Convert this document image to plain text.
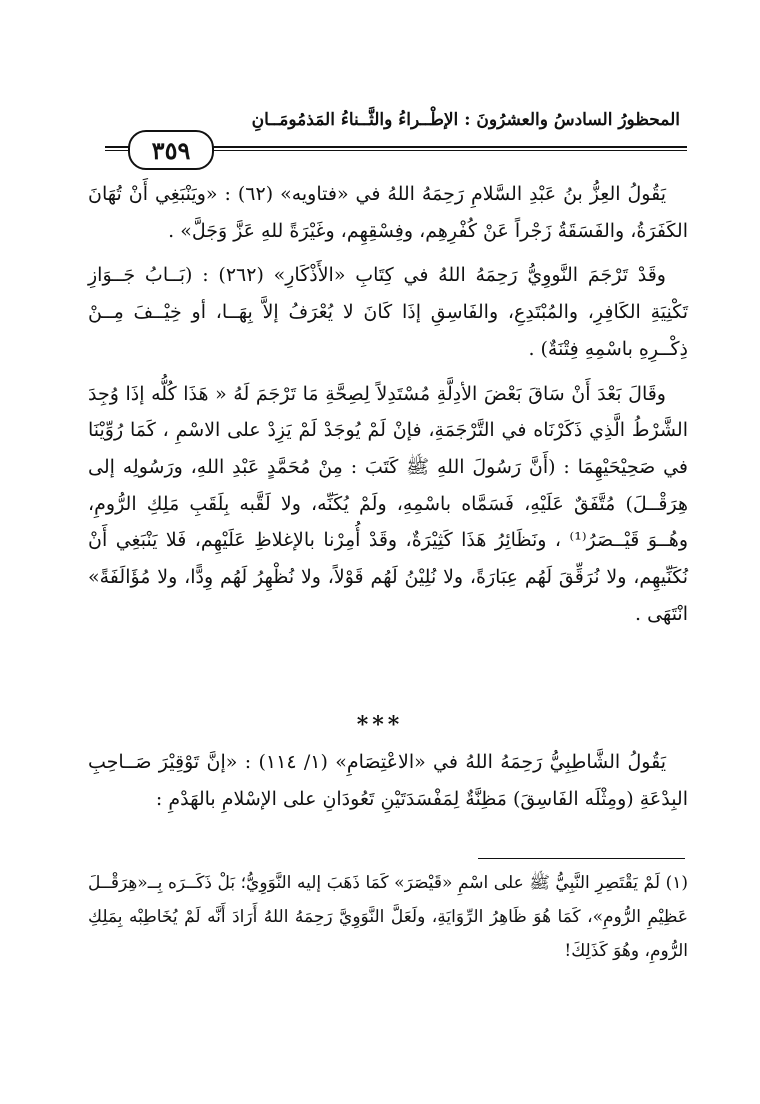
المحظورُ السادسُ والعشرُونَ : الإطْــراءُ والثَّــناءُ المَذمُومَــانِ
٣٥٩

يَقُولُ العِزُّ بنُ عَبْدِ السَّلامِ رَحِمَهُ اللهُ في «فتاويه» (٦٢) : «ويَنْبَغِي أَنْ تُهَانَ الكَفَرَةُ، والفَسَقَةُ زَجْراً عَنْ كُفْرِهِم، وفِسْقِهِم، وغَيْرَةً للهِ عَزَّ وَجَلَّ» .

وقَدْ تَرْجَمَ النَّووِيُّ رَحِمَهُ اللهُ في كِتَابِ «الأَذْكَارِ» (٢٦٢) : (بَــابُ جَــوَازِ تَكْنِيَةِ الكَافِرِ، والمُبْتَدِعِ، والفَاسِقِ إذَا كَانَ لا يُعْرَفُ إلاَّ بِهَــا، أو خِيْــفَ مِــنْ ذِكْــرِهِ باسْمِهِ فِتْنَةٌ) .

وقَالَ بَعْدَ أَنْ سَاقَ بَعْضَ الأدِلَّةِ مُسْتَدِلاً لِصِحَّةِ مَا تَرْجَمَ لَهُ « هَذَا كُلُّه إذَا وُجِدَ الشَّرْطُ الَّذِي ذَكَرْنَاه في التَّرْجَمَةِ، فإنْ لَمْ يُوجَدْ لَمْ يَزِدْ على الاسْمِ ، كَمَا رُوِّيْنَا في صَحِيْحَيْهِمَا : (أَنَّ رَسُولَ اللهِ ﷺ كَتَبَ : مِنْ مُحَمَّدٍ عَبْدِ اللهِ، ورَسُولِه إلى هِرَقْــلَ) مُتَّفَقٌ عَلَيْهِ، فَسَمَّاه باسْمِهِ، ولَمْ يُكَنِّه، ولا لَقَّبه بِلَقَبِ مَلِكِ الرُّومِ، وهُــوَ قَيْــصَرُ⁽¹⁾ ، ونَظَائِرُ هَذَا كَثِيْرَةٌ، وقَدْ أُمِرْنا بالإغلاظِ عَلَيْهِم، فَلا يَنْبَغِي أَنْ نُكَنِّيهِم، ولا نُرَقِّقَ لَهُم عِبَارَةً، ولا نُلِيْنُ لَهُم قَوْلاً، ولا نُظْهِرُ لَهُم وِدًّا، ولا مُؤَالَفَةً» انْتَهَى .

***

يَقُولُ الشَّاطِبِيُّ رَحِمَهُ اللهُ في «الاعْتِصَامِ» (١/ ١١٤) : «إنَّ تَوْقِيْرَ صَــاحِبِ البِدْعَةِ (ومِثْلَه الفَاسِقَ) مَظِنَّةٌ لِمَفْسَدَتَيْنِ تَعُودَانِ على الإسْلامِ بالهَدْمِ :

(١) لَمْ يَقْتَصِرِ النَّبِيُّ ﷺ على اسْمِ «قَيْصَرَ» كَمَا ذَهَبَ إليه النَّوَوِيُّ؛ بَلْ ذَكَــرَه بِــ«هِرَقْــلَ عَظِيْمِ الرُّومِ»، كَمَا هُوَ ظَاهِرُ الرِّوَايَةِ، ولَعَلَّ النَّوَوِيَّ رَحِمَهُ اللهُ أَرَادَ أَنَّه لَمْ يُخَاطِبْه بِمَلِكِ الرُّومِ، وهُوَ كَذَلِكَ!
